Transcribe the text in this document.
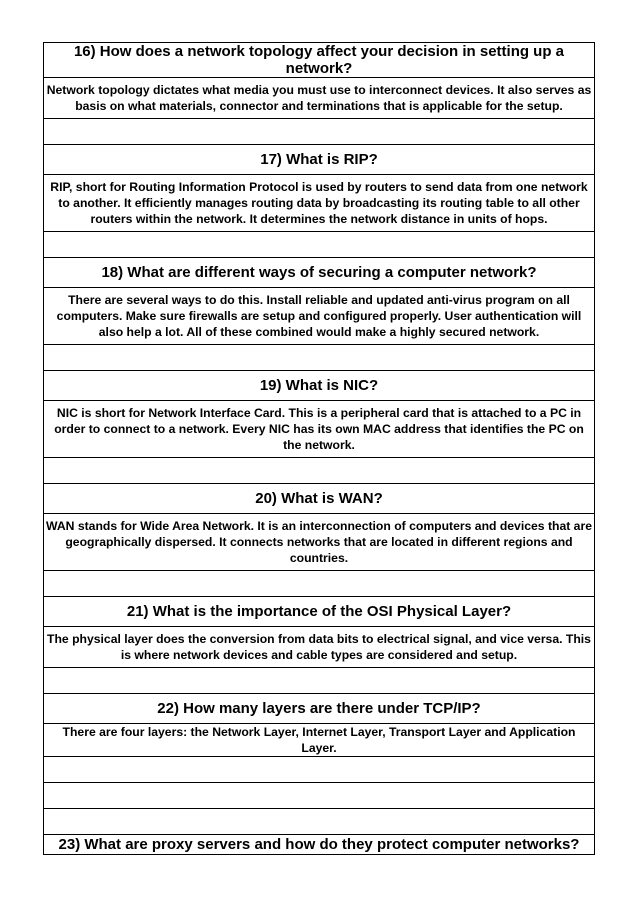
16) How does a network topology affect your decision in setting up a network?
Network topology dictates what media you must use to interconnect devices. It also serves as basis on what materials, connector and terminations that is applicable for the setup.

17) What is RIP?
RIP, short for Routing Information Protocol is used by routers to send data from one network to another. It efficiently manages routing data by broadcasting its routing table to all other routers within the network. It determines the network distance in units of hops.

18) What are different ways of securing a computer network?
There are several ways to do this. Install reliable and updated anti-virus program on all computers. Make sure firewalls are setup and configured properly. User authentication will also help a lot. All of these combined would make a highly secured network.

19) What is NIC?
NIC is short for Network Interface Card. This is a peripheral card that is attached to a PC in order to connect to a network. Every NIC has its own MAC address that identifies the PC on the network.

20) What is WAN?
WAN stands for Wide Area Network. It is an interconnection of computers and devices that are geographically dispersed. It connects networks that are located in different regions and countries.

21) What is the importance of the OSI Physical Layer?
The physical layer does the conversion from data bits to electrical signal, and vice versa. This is where network devices and cable types are considered and setup.

22) How many layers are there under TCP/IP?
There are four layers: the Network Layer, Internet Layer, Transport Layer and Application Layer.

23) What are proxy servers and how do they protect computer networks?
